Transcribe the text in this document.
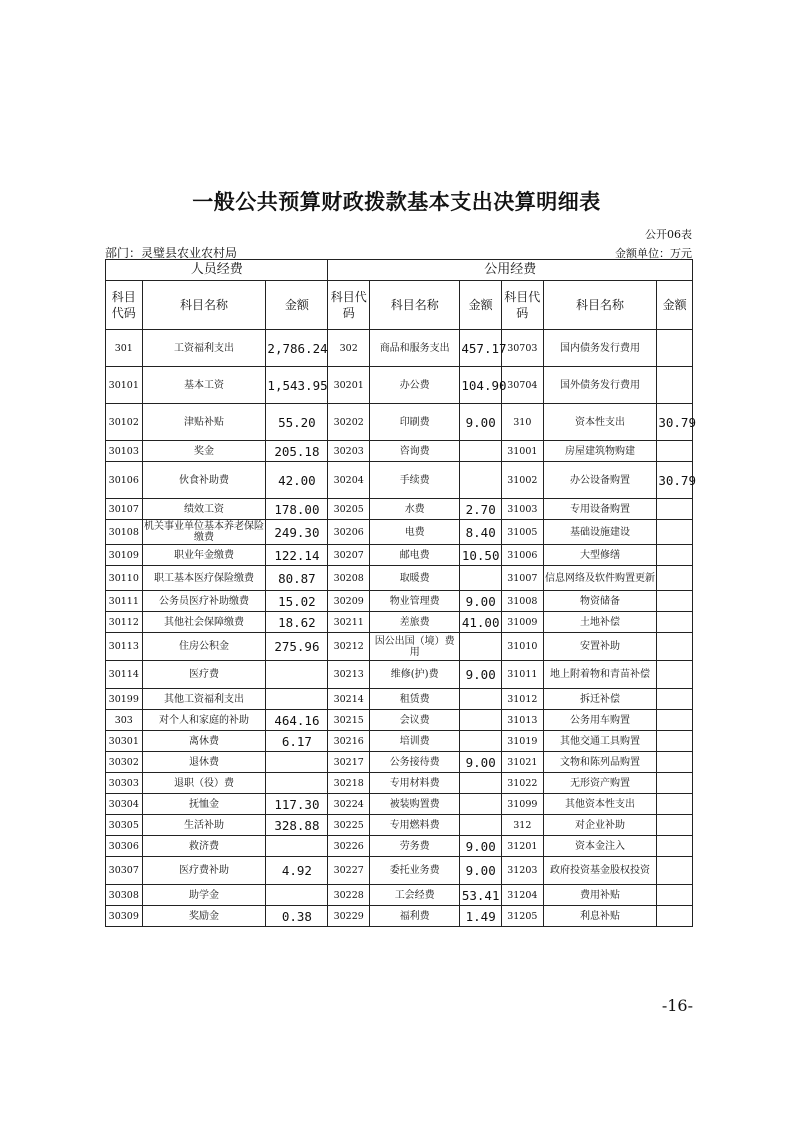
一般公共预算财政拨款基本支出决算明细表
公开06表
部门：灵璧县农业农村局	金额单位：万元
人员经费			公用经费					
科目代码	科目名称	金额	科目代码	科目名称	金额	科目代码	科目名称	金额
301	工资福利支出	2,786.24	302	商品和服务支出	457.17	30703	国内债务发行费用	
30101	基本工资	1,543.95	30201	办公费	104.90	30704	国外债务发行费用	
30102	津贴补贴	55.20	30202	印刷费	9.00	310	资本性支出	30.79
30103	奖金	205.18	30203	咨询费		31001	房屋建筑物购建	
30106	伙食补助费	42.00	30204	手续费		31002	办公设备购置	30.79
30107	绩效工资	178.00	30205	水费	2.70	31003	专用设备购置	
30108	机关事业单位基本养老保险缴费	249.30	30206	电费	8.40	31005	基础设施建设	
30109	职业年金缴费	122.14	30207	邮电费	10.50	31006	大型修缮	
30110	职工基本医疗保险缴费	80.87	30208	取暖费		31007	信息网络及软件购置更新	
30111	公务员医疗补助缴费	15.02	30209	物业管理费	9.00	31008	物资储备	
30112	其他社会保障缴费	18.62	30211	差旅费	41.00	31009	土地补偿	
30113	住房公积金	275.96	30212	因公出国（境）费用		31010	安置补助	
30114	医疗费		30213	维修(护)费	9.00	31011	地上附着物和青苗补偿	
30199	其他工资福利支出		30214	租赁费		31012	拆迁补偿	
303	对个人和家庭的补助	464.16	30215	会议费		31013	公务用车购置	
30301	离休费	6.17	30216	培训费		31019	其他交通工具购置	
30302	退休费		30217	公务接待费	9.00	31021	文物和陈列品购置	
30303	退职（役）费		30218	专用材料费		31022	无形资产购置	
30304	抚恤金	117.30	30224	被装购置费		31099	其他资本性支出	
30305	生活补助	328.88	30225	专用燃料费		312	对企业补助	
30306	救济费		30226	劳务费	9.00	31201	资本金注入	
30307	医疗费补助	4.92	30227	委托业务费	9.00	31203	政府投资基金股权投资	
30308	助学金		30228	工会经费	53.41	31204	费用补贴	
30309	奖励金	0.38	30229	福利费	1.49	31205	利息补贴	
-16-
